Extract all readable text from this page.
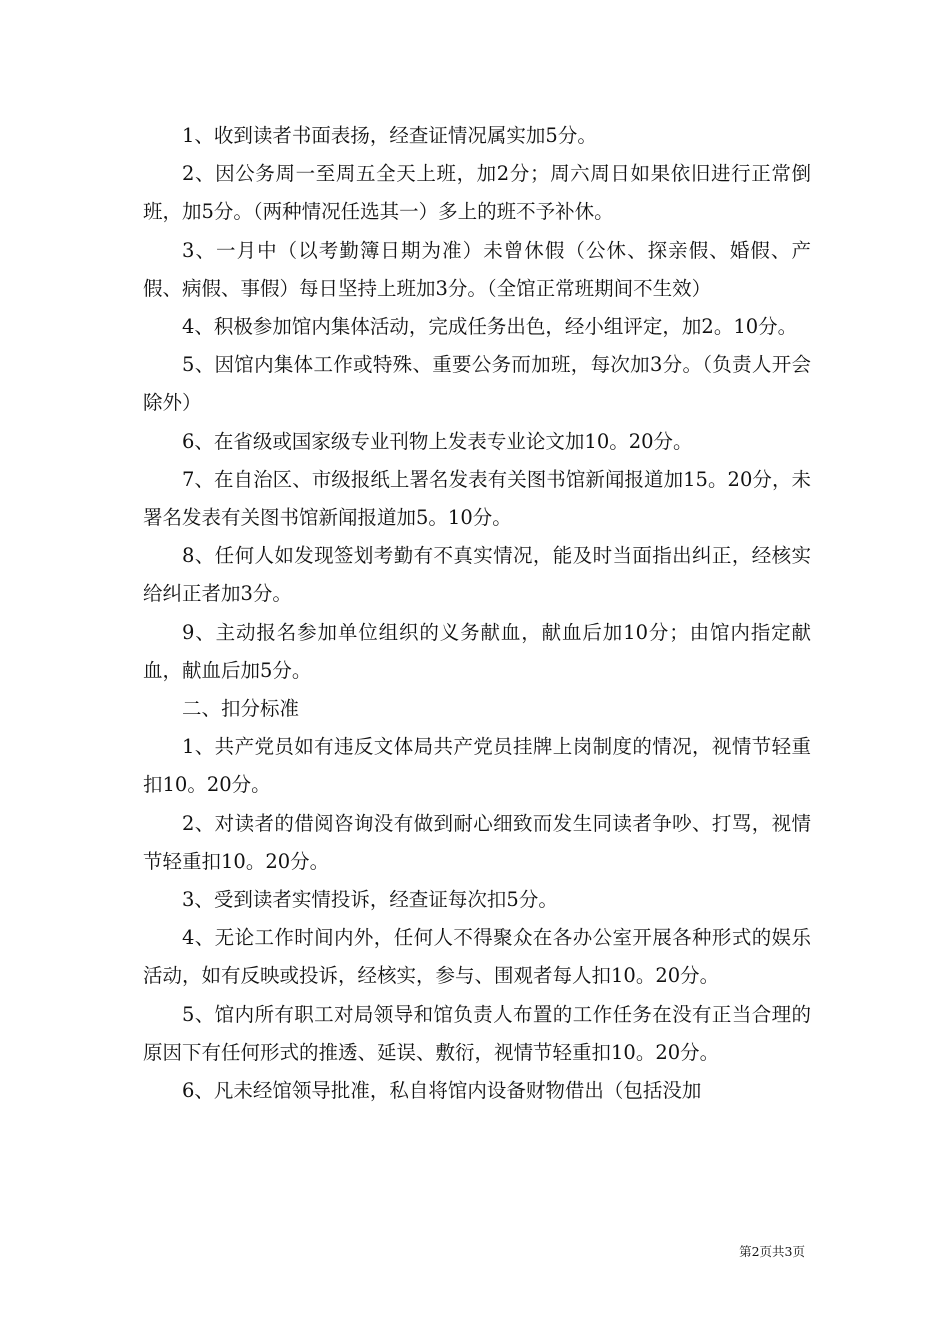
1、收到读者书面表扬，经查证情况属实加5分。

2、因公务周一至周五全天上班，加2分；周六周日如果依旧进行正常倒班，加5分。（两种情况任选其一）多上的班不予补休。

3、一月中（以考勤簿日期为准）未曾休假（公休、探亲假、婚假、产假、病假、事假）每日坚持上班加3分。（全馆正常班期间不生效）

4、积极参加馆内集体活动，完成任务出色，经小组评定，加2。10分。

5、因馆内集体工作或特殊、重要公务而加班，每次加3分。（负责人开会除外）

6、在省级或国家级专业刊物上发表专业论文加10。20分。

7、在自治区、市级报纸上署名发表有关图书馆新闻报道加15。20分，未署名发表有关图书馆新闻报道加5。10分。

8、任何人如发现签划考勤有不真实情况，能及时当面指出纠正，经核实给纠正者加3分。

9、主动报名参加单位组织的义务献血，献血后加10分；由馆内指定献血，献血后加5分。

二、扣分标准

1、共产党员如有违反文体局共产党员挂牌上岗制度的情况，视情节轻重扣10。20分。

2、对读者的借阅咨询没有做到耐心细致而发生同读者争吵、打骂，视情节轻重扣10。20分。

3、受到读者实情投诉，经查证每次扣5分。

4、无论工作时间内外，任何人不得聚众在各办公室开展各种形式的娱乐活动，如有反映或投诉，经核实，参与、围观者每人扣10。20分。

5、馆内所有职工对局领导和馆负责人布置的工作任务在没有正当合理的原因下有任何形式的推透、延误、敷衍，视情节轻重扣10。20分。

6、凡未经馆领导批准，私自将馆内设备财物借出（包括没加

第2页共3页
